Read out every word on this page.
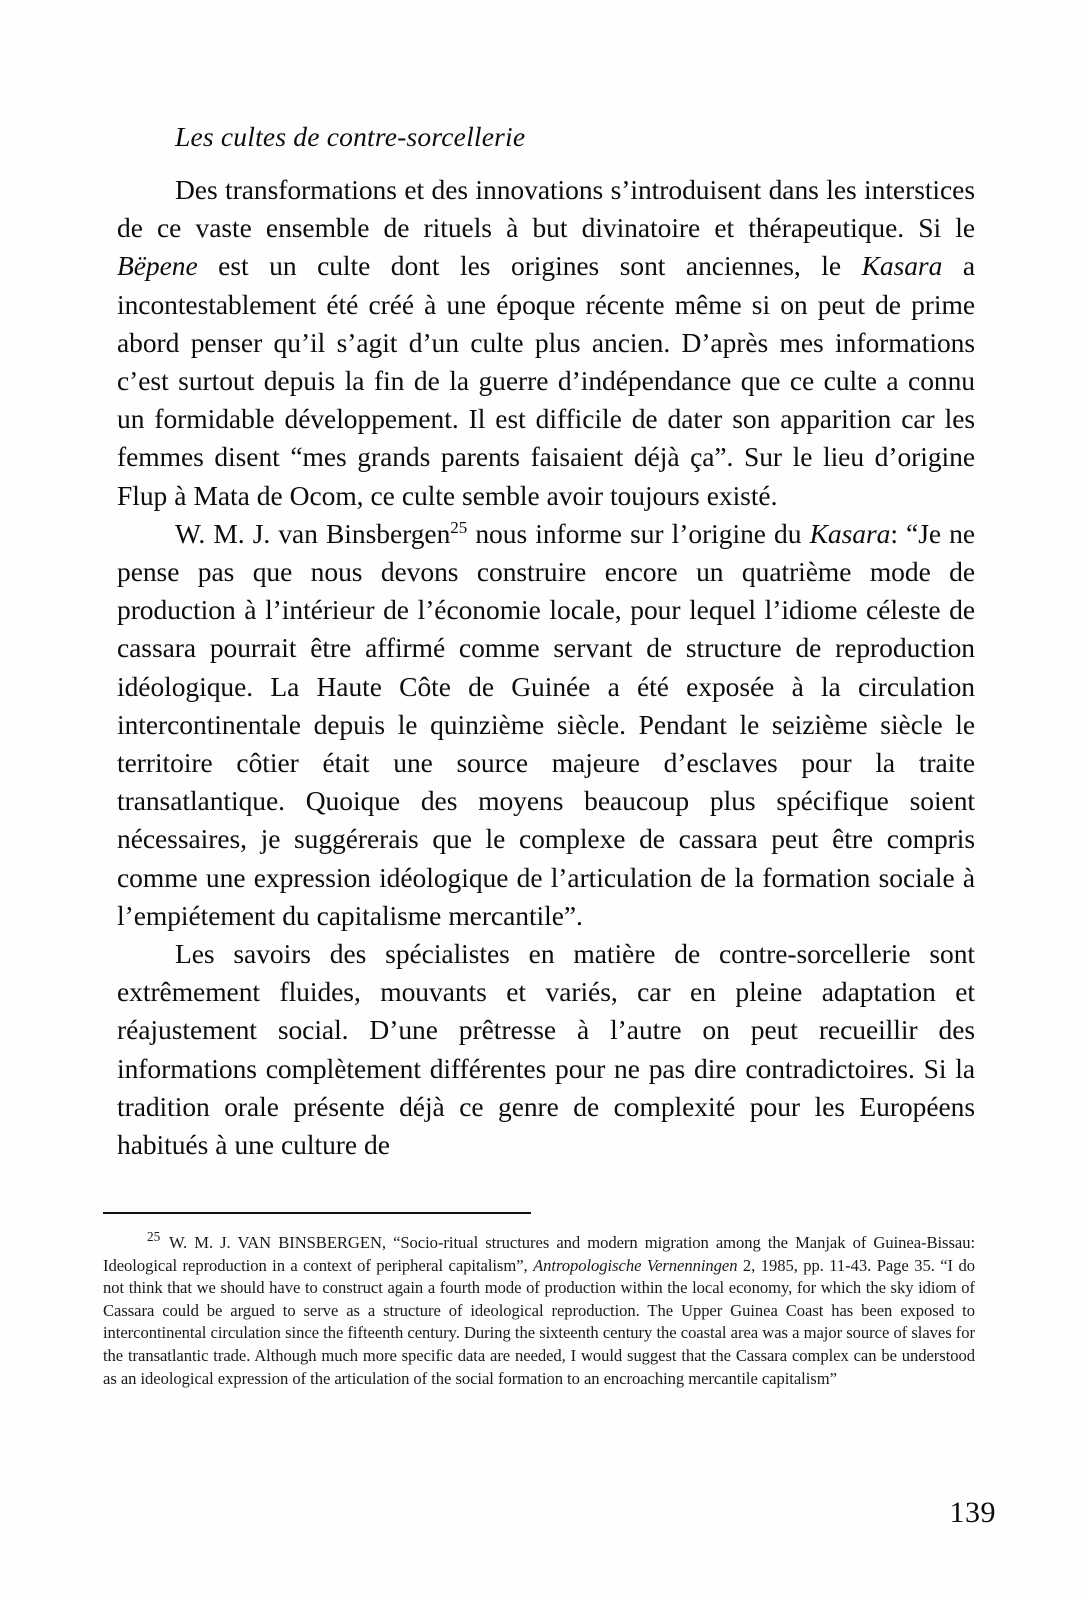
Les cultes de contre-sorcellerie

Des transformations et des innovations s’introduisent dans les interstices de ce vaste ensemble de rituels à but divinatoire et thérapeutique. Si le Bëpene est un culte dont les origines sont anciennes, le Kasara a incontestablement été créé à une époque récente même si on peut de prime abord penser qu’il s’agit d’un culte plus ancien. D’après mes informations c’est surtout depuis la fin de la guerre d’indépendance que ce culte a connu un formidable développement. Il est difficile de dater son apparition car les femmes disent “mes grands parents faisaient déjà ça”. Sur le lieu d’origine Flup à Mata de Ocom, ce culte semble avoir toujours existé.

W. M. J. van Binsbergen$^{25}$ nous informe sur l’origine du Kasara: “Je ne pense pas que nous devons construire encore un quatrième mode de production à l’intérieur de l’économie locale, pour lequel l’idiome céleste de cassara pourrait être affirmé comme servant de structure de reproduction idéologique. La Haute Côte de Guinée a été exposée à la circulation intercontinentale depuis le quinzième siècle. Pendant le seizième siècle le territoire côtier était une source majeure d’esclaves pour la traite transatlantique. Quoique des moyens beaucoup plus spécifique soient nécessaires, je suggérerais que le complexe de cassara peut être compris comme une expression idéologique de l’articulation de la formation sociale à l’empiétement du capitalisme mercantile”.

Les savoirs des spécialistes en matière de contre-sorcellerie sont extrêmement fluides, mouvants et variés, car en pleine adaptation et réajustement social. D’une prêtresse à l’autre on peut recueillir des informations complètement différentes pour ne pas dire contradictoires. Si la tradition orale présente déjà ce genre de complexité pour les Européens habitués à une culture de

$^{25}$ W. M. J. VAN BINSBERGEN, “Socio-ritual structures and modern migration among the Manjak of Guinea-Bissau: Ideological reproduction in a context of peripheral capitalism”, Antropologische Vernenningen 2, 1985, pp. 11-43. Page 35. “I do not think that we should have to construct again a fourth mode of production within the local economy, for which the sky idiom of Cassara could be argued to serve as a structure of ideological reproduction. The Upper Guinea Coast has been exposed to intercontinental circulation since the fifteenth century. During the sixteenth century the coastal area was a major source of slaves for the transatlantic trade. Although much more specific data are needed, I would suggest that the Cassara complex can be understood as an ideological expression of the articulation of the social formation to an encroaching mercantile capitalism”

139
